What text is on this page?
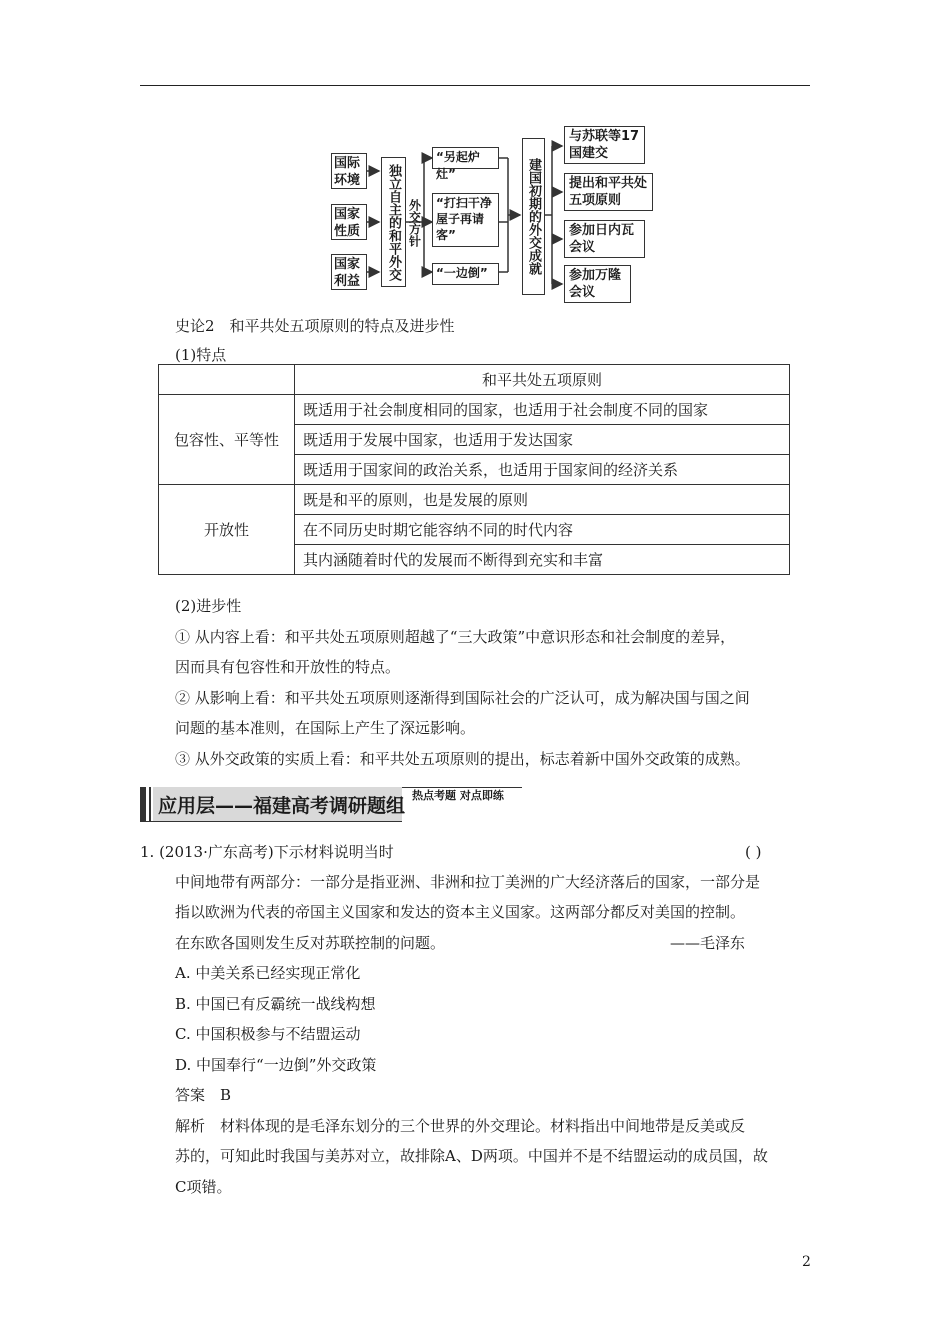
国际环境
国家性质
国家利益
独立自主的和平外交 外交方针
“另起炉灶”
“打扫干净屋子再请客”
“一边倒”	建国初期的外交成就
与苏联等17国建交
提出和平共处五项原则
参加日内瓦会议
参加万隆会议
史论2　和平共处五项原则的特点及进步性
(1)特点
	和平共处五项原则
包容性、平等性	既适用于社会制度相同的国家，也适用于社会制度不同的国家
	既适用于发展中国家，也适用于发达国家
	既适用于国家间的政治关系，也适用于国家间的经济关系
开放性	既是和平的原则，也是发展的原则
	在不同历史时期它能容纳不同的时代内容
	其内涵随着时代的发展而不断得到充实和丰富
(2)进步性
① 从内容上看：和平共处五项原则超越了“三大政策”中意识形态和社会制度的差异，
因而具有包容性和开放性的特点。
② 从影响上看：和平共处五项原则逐渐得到国际社会的广泛认可，成为解决国与国之间
问题的基本准则，在国际上产生了深远影响。
③ 从外交政策的实质上看：和平共处五项原则的提出，标志着新中国外交政策的成熟。
应用层——福建高考调研题组 热点考题 对点即练
1. (2013·广东高考)下示材料说明当时	( )
中间地带有两部分：一部分是指亚洲、非洲和拉丁美洲的广大经济落后的国家，一部分是
指以欧洲为代表的帝国主义国家和发达的资本主义国家。这两部分都反对美国的控制。
在东欧各国则发生反对苏联控制的问题。	——毛泽东
A. 中美关系已经实现正常化
B. 中国已有反霸统一战线构想
C. 中国积极参与不结盟运动
D. 中国奉行“一边倒”外交政策
答案　B
解析　材料体现的是毛泽东划分的三个世界的外交理论。材料指出中间地带是反美或反
苏的，可知此时我国与美苏对立，故排除A、D两项。中国并不是不结盟运动的成员国，故
C项错。
2
